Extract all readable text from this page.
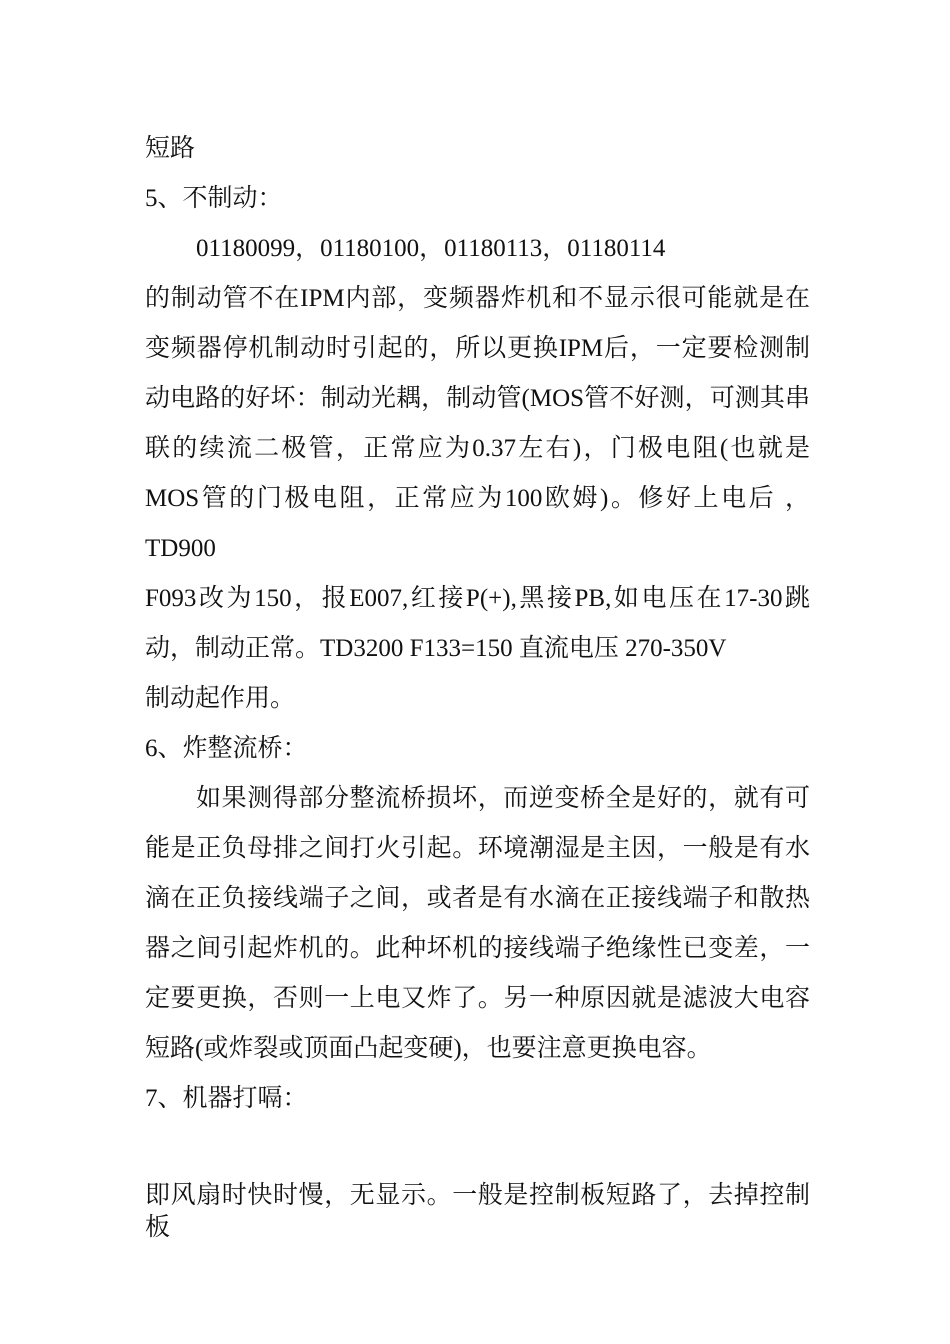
短路
5、不制动：
01180099，01180100，01180113，01180114
的制动管不在IPM内部，变频器炸机和不显示很可能就是在
变频器停机制动时引起的，所以更换IPM后，一定要检测制
动电路的好坏：制动光耦，制动管(MOS管不好测，可测其串
联的续流二极管，正常应为0.37左右)，门极电阻(也就是
MOS管的门极电阻，正常应为100欧姆)。修好上电后 ，
TD900
F093改为150，报E007,红接P(+),黑接PB,如电压在17-30跳
动，制动正常。TD3200 F133=150 直流电压 270-350V
制动起作用。
6、炸整流桥：
如果测得部分整流桥损坏，而逆变桥全是好的，就有可
能是正负母排之间打火引起。环境潮湿是主因，一般是有水
滴在正负接线端子之间，或者是有水滴在正接线端子和散热
器之间引起炸机的。此种坏机的接线端子绝缘性已变差，一
定要更换，否则一上电又炸了。另一种原因就是滤波大电容
短路(或炸裂或顶面凸起变硬)，也要注意更换电容。
7、机器打嗝：
即风扇时快时慢，无显示。一般是控制板短路了，去掉控制板
